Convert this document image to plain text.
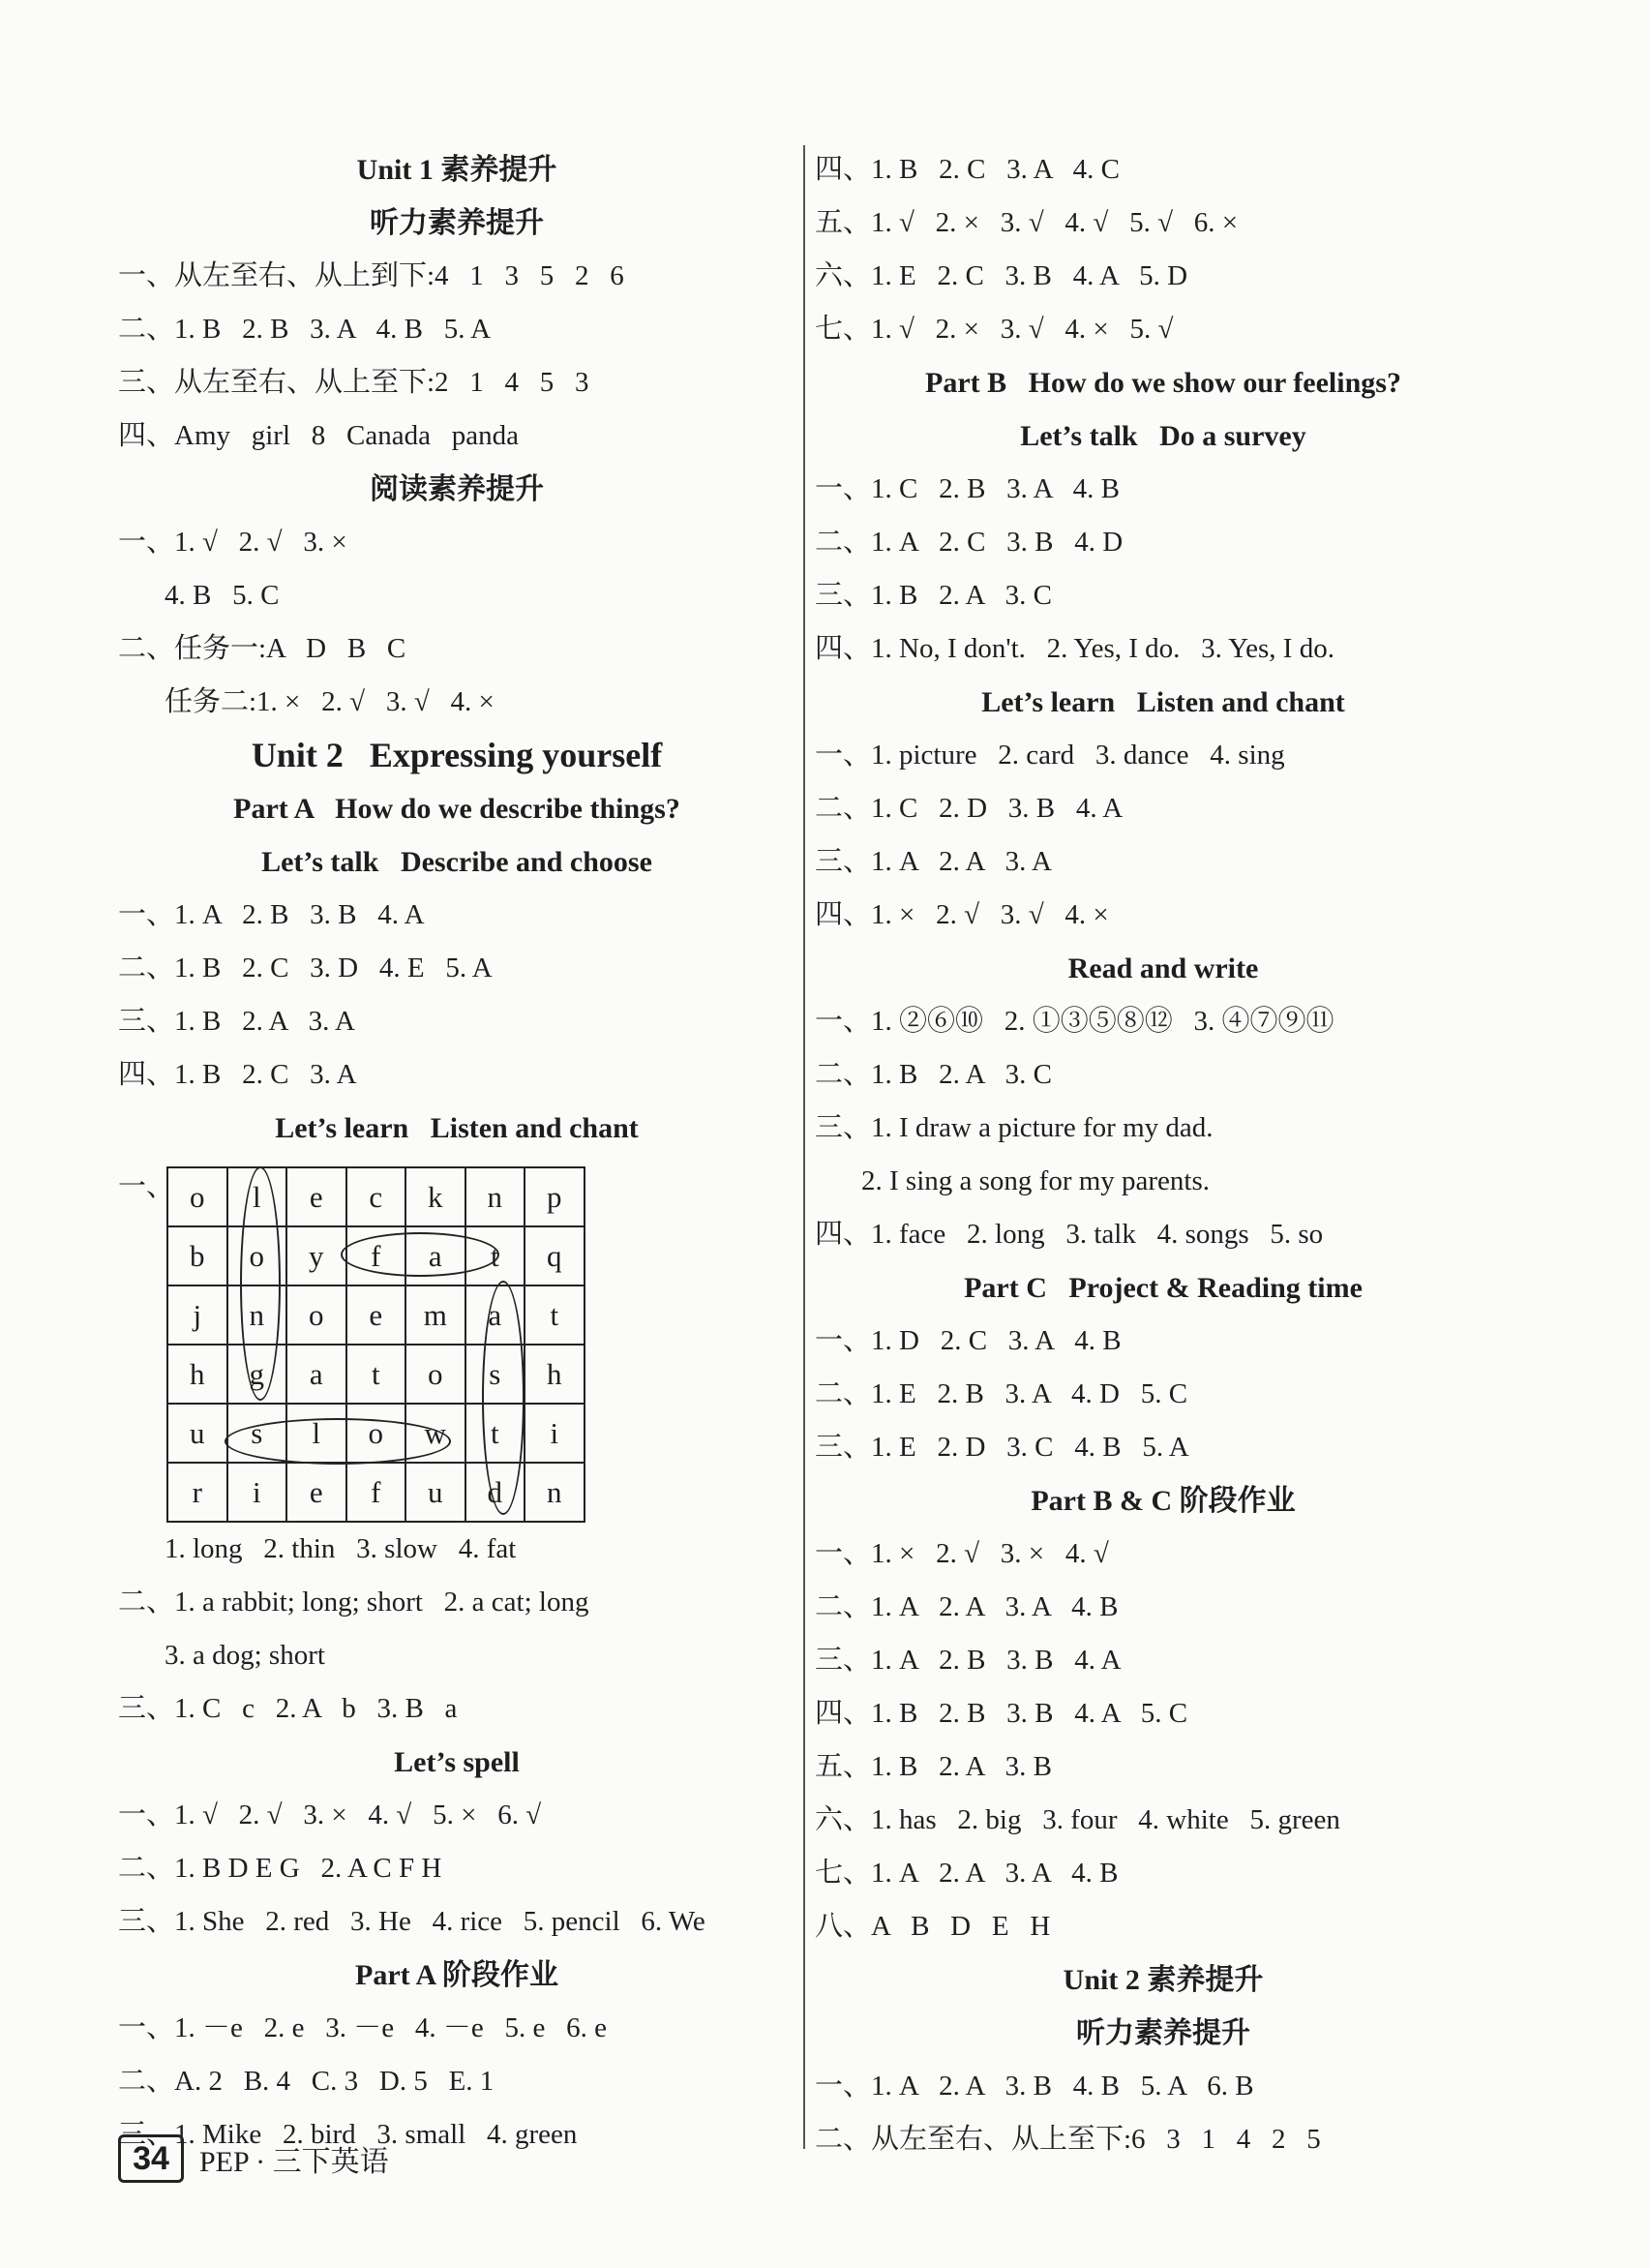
Unit 1 素养提升
听力素养提升
一、从左至右、从上到下:4   1   3   5   2   6
二、1. B   2. B   3. A   4. B   5. A
三、从左至右、从上至下:2   1   4   5   3
四、Amy   girl   8   Canada   panda
阅读素养提升
一、1. √   2. √   3. ×
4. B   5. C
二、任务一:A   D   B   C
任务二:1. ×   2. √   3. √   4. ×
Unit 2   Expressing yourself
Part A   How do we describe things?
Let’s talk   Describe and choose
一、1. A   2. B   3. B   4. A
二、1. B   2. C   3. D   4. E   5. A
三、1. B   2. A   3. A
四、1. B   2. C   3. A
Let’s learn   Listen and chant
一、 o	l	e	c	k	n	p
b	o	y	f	a	t	q
j	n	o	e	m	a	t
h	g	a	t	o	s	h
u	s	l	o	w	t	i
r	i	e	f	u	d	n
1. long   2. thin   3. slow   4. fat
二、1. a rabbit; long; short   2. a cat; long
3. a dog; short
三、1. C   c   2. A   b   3. B   a
Let’s spell
一、1. √   2. √   3. ×   4. √   5. ×   6. √
二、1. B D E G   2. A C F H
三、1. She   2. red   3. He   4. rice   5. pencil   6. We
Part A 阶段作业
一、1. －e   2. e   3. －e   4. －e   5. e   6. e
二、A. 2   B. 4   C. 3   D. 5   E. 1
三、1. Mike   2. bird   3. small   4. green
四、1. B   2. C   3. A   4. C
五、1. √   2. ×   3. √   4. √   5. √   6. ×
六、1. E   2. C   3. B   4. A   5. D
七、1. √   2. ×   3. √   4. ×   5. √
Part B   How do we show our feelings?
Let’s talk   Do a survey
一、1. C   2. B   3. A   4. B
二、1. A   2. C   3. B   4. D
三、1. B   2. A   3. C
四、1. No, I don't.   2. Yes, I do.   3. Yes, I do.
Let’s learn   Listen and chant
一、1. picture   2. card   3. dance   4. sing
二、1. C   2. D   3. B   4. A
三、1. A   2. A   3. A
四、1. ×   2. √   3. √   4. ×
Read and write
一、1. ②⑥⑩   2. ①③⑤⑧⑫   3. ④⑦⑨⑪
二、1. B   2. A   3. C
三、1. I draw a picture for my dad.
2. I sing a song for my parents.
四、1. face   2. long   3. talk   4. songs   5. so
Part C   Project & Reading time
一、1. D   2. C   3. A   4. B
二、1. E   2. B   3. A   4. D   5. C
三、1. E   2. D   3. C   4. B   5. A
Part B & C 阶段作业
一、1. ×   2. √   3. ×   4. √
二、1. A   2. A   3. A   4. B
三、1. A   2. B   3. B   4. A
四、1. B   2. B   3. B   4. A   5. C
五、1. B   2. A   3. B
六、1. has   2. big   3. four   4. white   5. green
七、1. A   2. A   3. A   4. B
八、A   B   D   E   H
Unit 2 素养提升
听力素养提升
一、1. A   2. A   3. B   4. B   5. A   6. B
二、从左至右、从上至下:6   3   1   4   2   5
34	PEP · 三下英语
